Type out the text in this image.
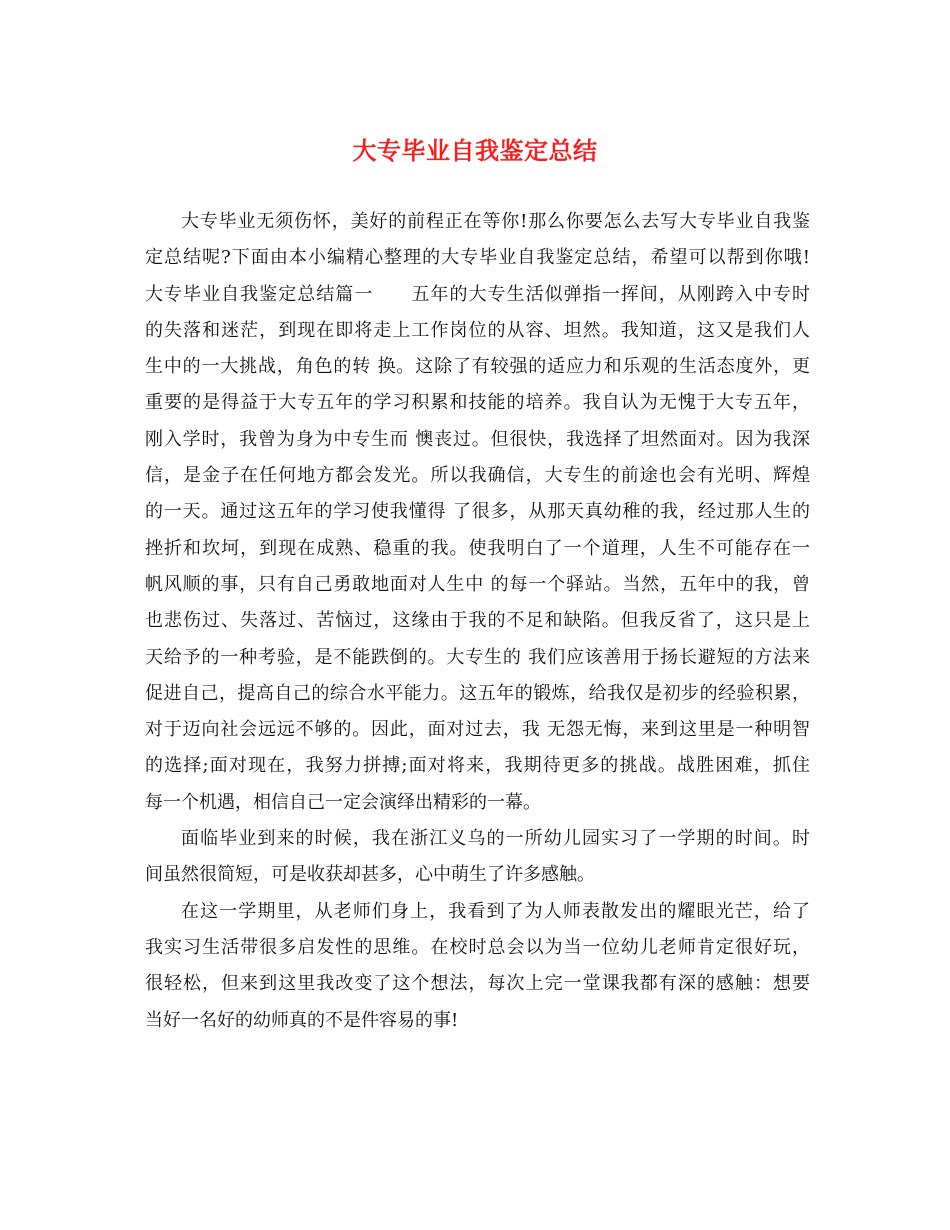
大专毕业自我鉴定总结
大专毕业无须伤怀，美好的前程正在等你!那么你要怎么去写大专毕业自我鉴
定总结呢?下面由本小编精心整理的大专毕业自我鉴定总结，希望可以帮到你哦!
大专毕业自我鉴定总结篇一　　五年的大专生活似弹指一挥间，从刚跨入中专时
的失落和迷茫，到现在即将走上工作岗位的从容、坦然。我知道，这又是我们人
生中的一大挑战，角色的转 换。这除了有较强的适应力和乐观的生活态度外，更
重要的是得益于大专五年的学习积累和技能的培养。我自认为无愧于大专五年，
刚入学时，我曾为身为中专生而 懊丧过。但很快，我选择了坦然面对。因为我深
信，是金子在任何地方都会发光。所以我确信，大专生的前途也会有光明、辉煌
的一天。通过这五年的学习使我懂得 了很多，从那天真幼稚的我，经过那人生的
挫折和坎坷，到现在成熟、稳重的我。使我明白了一个道理，人生不可能存在一
帆风顺的事，只有自己勇敢地面对人生中 的每一个驿站。当然，五年中的我，曾
也悲伤过、失落过、苦恼过，这缘由于我的不足和缺陷。但我反省了，这只是上
天给予的一种考验，是不能跌倒的。大专生的 我们应该善用于扬长避短的方法来
促进自己，提高自己的综合水平能力。这五年的锻炼，给我仅是初步的经验积累，
对于迈向社会远远不够的。因此，面对过去，我 无怨无悔，来到这里是一种明智
的选择;面对现在，我努力拼搏;面对将来，我期待更多的挑战。战胜困难，抓住
每一个机遇，相信自己一定会演绎出精彩的一幕。
面临毕业到来的时候，我在浙江义乌的一所幼儿园实习了一学期的时间。时
间虽然很简短，可是收获却甚多，心中萌生了许多感触。
在这一学期里，从老师们身上，我看到了为人师表散发出的耀眼光芒，给了
我实习生活带很多启发性的思维。在校时总会以为当一位幼儿老师肯定很好玩，
很轻松，但来到这里我改变了这个想法，每次上完一堂课我都有深的感触：想要
当好一名好的幼师真的不是件容易的事!
